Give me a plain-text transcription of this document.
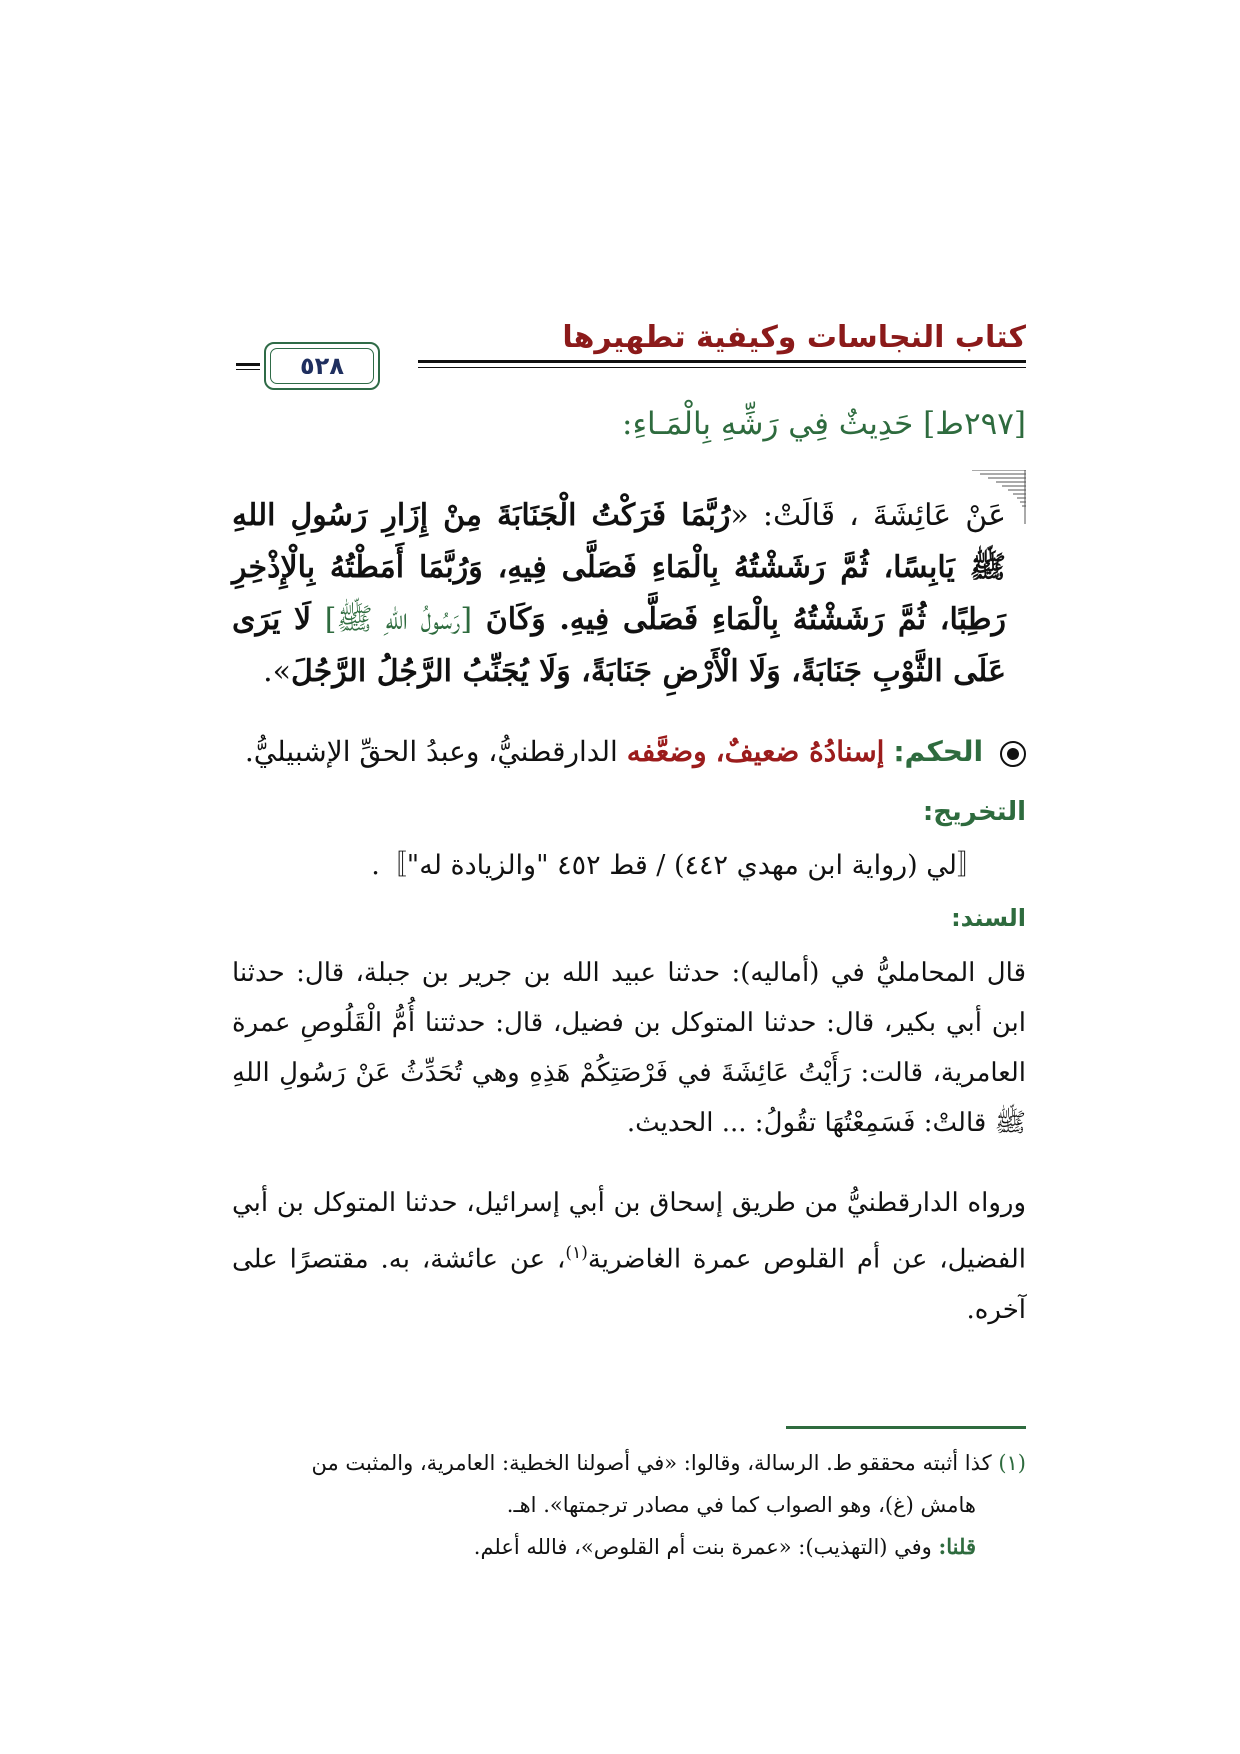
كتاب النجاسات وكيفية تطهيرها
٥٢٨
[٢٩٧ط] حَدِيثٌ فِي رَشِّهِ بِالْمَـاءِ:
عَنْ عَائِشَةَ ، قَالَتْ: «رُبَّمَا فَرَكْتُ الْجَنَابَةَ مِنْ إِزَارِ رَسُولِ اللهِ ﷺ يَابِسًا، ثُمَّ رَشَشْتُهُ بِالْمَاءِ فَصَلَّى فِيهِ، وَرُبَّمَا أَمَطْتُهُ بِالْإِذْخِرِ رَطِبًا، ثُمَّ رَشَشْتُهُ بِالْمَاءِ فَصَلَّى فِيهِ. وَكَانَ [رَسُولُ اللهِ ﷺ] لَا يَرَى عَلَى الثَّوْبِ جَنَابَةً، وَلَا الْأَرْضِ جَنَابَةً، وَلَا يُجَنِّبُ الرَّجُلُ الرَّجُلَ».
الحكم: إسنادُهُ ضعيفٌ، وضعَّفه الدارقطنيُّ، وعبدُ الحقِّ الإشبيليُّ.
التخريج:
〚لي (رواية ابن مهدي ٤٤٢) / قط ٤٥٢ "والزيادة له"〛.
السند:
قال المحامليُّ في (أماليه): حدثنا عبيد الله بن جرير بن جبلة، قال: حدثنا ابن أبي بكير، قال: حدثنا المتوكل بن فضيل، قال: حدثتنا أُمُّ الْقَلُوصِ عمرة العامرية، قالت: رَأَيْتُ عَائِشَةَ في فَرْصَتِكُمْ هَذِهِ وهي تُحَدِّثُ عَنْ رَسُولِ اللهِ ﷺ قالتْ: فَسَمِعْتُهَا تقُولُ: ... الحديث.
ورواه الدارقطنيُّ من طريق إسحاق بن أبي إسرائيل، حدثنا المتوكل بن أبي الفضيل، عن أم القلوص عمرة الغاضرية$^{(١)}$، عن عائشة، به. مقتصرًا على آخره.
(١) كذا أثبته محققو ط. الرسالة، وقالوا: «في أصولنا الخطية: العامرية، والمثبت من
هامش (غ)، وهو الصواب كما في مصادر ترجمتها». اهـ.
قلنا: وفي (التهذيب): «عمرة بنت أم القلوص»، فالله أعلم.
